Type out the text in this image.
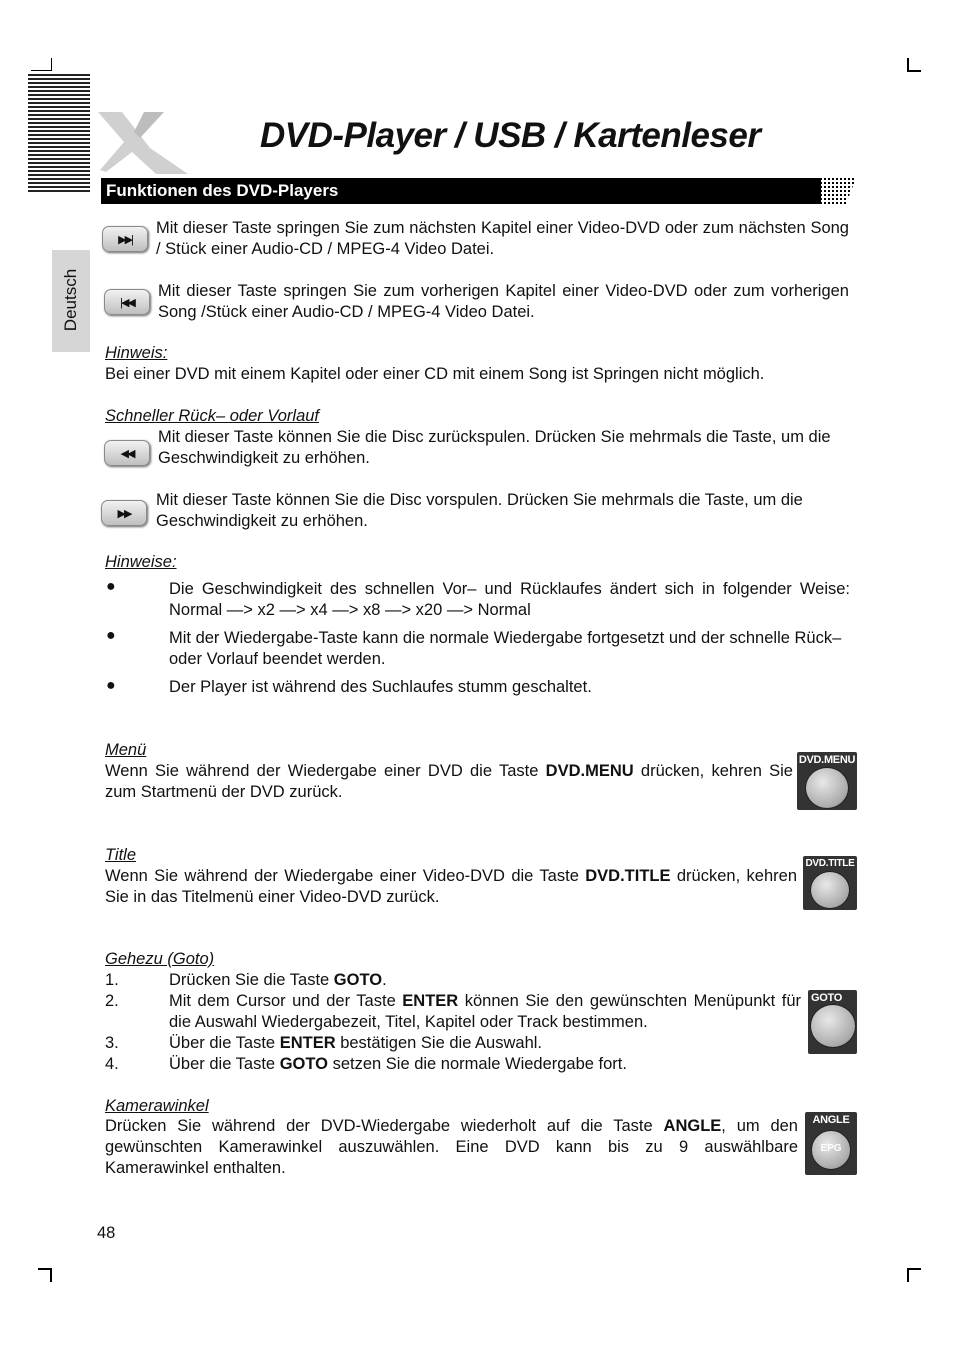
DVD-Player / USB / Kartenleser
Deutsch
Funktionen des DVD-Players
▶▶|
Mit dieser Taste springen Sie zum nächsten Kapitel einer Video-DVD oder zum nächsten Song / Stück einer Audio-CD / MPEG-4 Video Datei.
|◀◀
Mit dieser Taste springen Sie zum vorherigen Kapitel einer Video-DVD oder zum vorherigen Song /Stück einer Audio-CD / MPEG-4 Video Datei.
Hinweis:
Bei einer DVD mit einem Kapitel oder einer CD mit einem Song ist Springen nicht möglich.
Schneller Rück– oder Vorlauf
◀◀
Mit dieser Taste können Sie die Disc zurückspulen. Drücken Sie mehrmals die Taste, um die Geschwindigkeit zu erhöhen.
▶▶
Mit dieser Taste können Sie die Disc vorspulen. Drücken Sie mehrmals die Taste, um die Geschwindigkeit zu erhöhen.
Hinweise:
●	Die Geschwindigkeit des schnellen Vor– und Rücklaufes ändert sich in folgender Weise: Normal —> x2 —> x4 —> x8 —> x20 —> Normal
●	Mit der Wiedergabe-Taste kann die normale Wiedergabe fortgesetzt und der schnelle Rück– oder Vorlauf beendet werden.
●	Der Player ist während des Suchlaufes stumm geschaltet.
Menü
Wenn Sie während der Wiedergabe einer DVD die Taste DVD.MENU drücken, kehren Sie zum Startmenü der DVD zurück.
DVD.MENU
Title
Wenn Sie während der Wiedergabe einer Video-DVD die Taste DVD.TITLE drücken, kehren Sie in das Titelmenü einer Video-DVD zurück.
DVD.TITLE
Gehezu (Goto)
1.	Drücken Sie die Taste GOTO.
2.	Mit dem Cursor und der Taste ENTER können Sie den gewünschten Menüpunkt für die Auswahl Wiedergabezeit, Titel, Kapitel oder Track bestimmen.
3.	Über die Taste ENTER bestätigen Sie die Auswahl.
4.	Über die Taste GOTO setzen Sie die normale Wiedergabe fort.
GOTO
Kamerawinkel
Drücken Sie während der DVD-Wiedergabe wiederholt auf die Taste ANGLE, um den gewünschten Kamerawinkel auszuwählen. Eine DVD kann bis zu 9 auswählbare Kamerawinkel enthalten.
ANGLE
EPG
48
